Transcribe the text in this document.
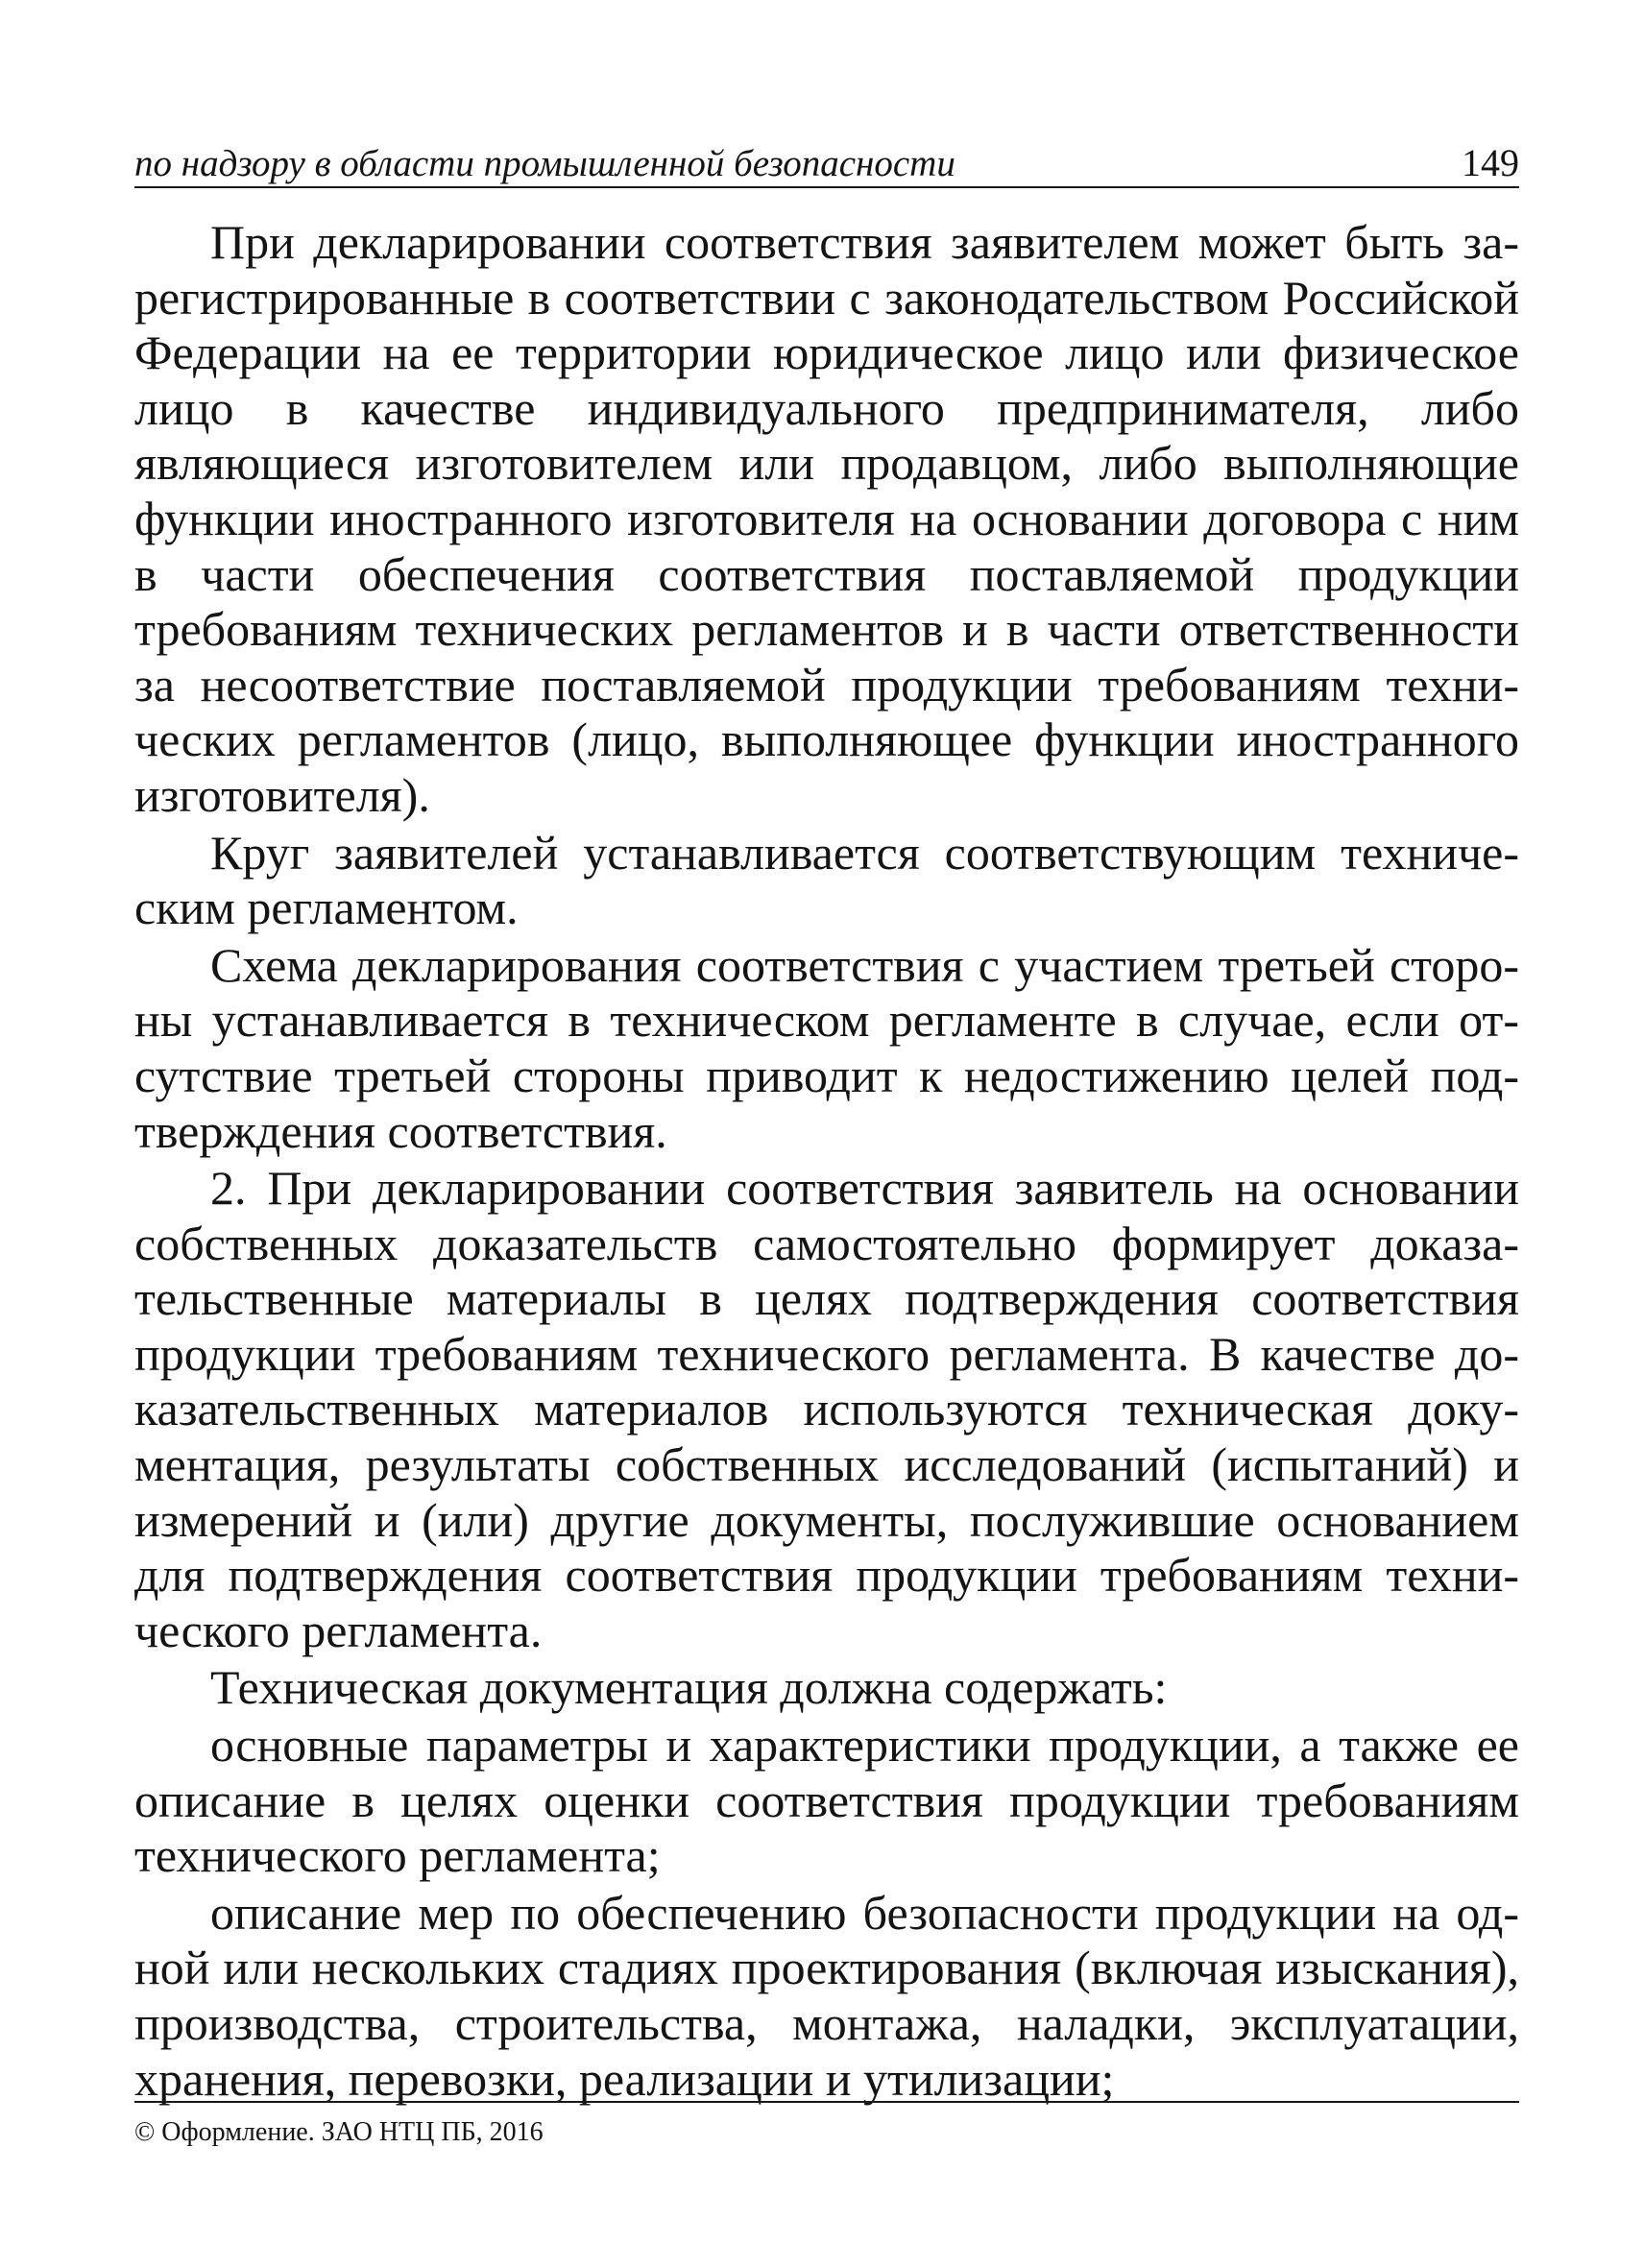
по надзору в области промышленной безопасности	149

При декларировании соответствия заявителем может быть зарегистрированные в соответствии с законодательством Российской Федерации на ее территории юридическое лицо или физическое лицо в качестве индивидуального предпринимателя, либо являющиеся изготовителем или продавцом, либо выполняющие функции иностранного изготовителя на основании договора с ним в части обеспечения соответствия поставляемой продукции требованиям технических регламентов и в части ответственности за несоответствие поставляемой продукции требованиям технических регламентов (лицо, выполняющее функции иностранного изготовителя).

Круг заявителей устанавливается соответствующим техническим регламентом.

Схема декларирования соответствия с участием третьей стороны устанавливается в техническом регламенте в случае, если отсутствие третьей стороны приводит к недостижению целей подтверждения соответствия.

2. При декларировании соответствия заявитель на основании собственных доказательств самостоятельно формирует доказательственные материалы в целях подтверждения соответствия продукции требованиям технического регламента. В качестве доказательственных материалов используются техническая документация, результаты собственных исследований (испытаний) и измерений и (или) другие документы, послужившие основанием для подтверждения соответствия продукции требованиям технического регламента.

Техническая документация должна содержать:

основные параметры и характеристики продукции, а также ее описание в целях оценки соответствия продукции требованиям технического регламента;

описание мер по обеспечению безопасности продукции на одной или нескольких стадиях проектирования (включая изыскания), производства, строительства, монтажа, наладки, эксплуатации, хранения, перевозки, реализации и утилизации;

© Оформление. ЗАО НТЦ ПБ, 2016
